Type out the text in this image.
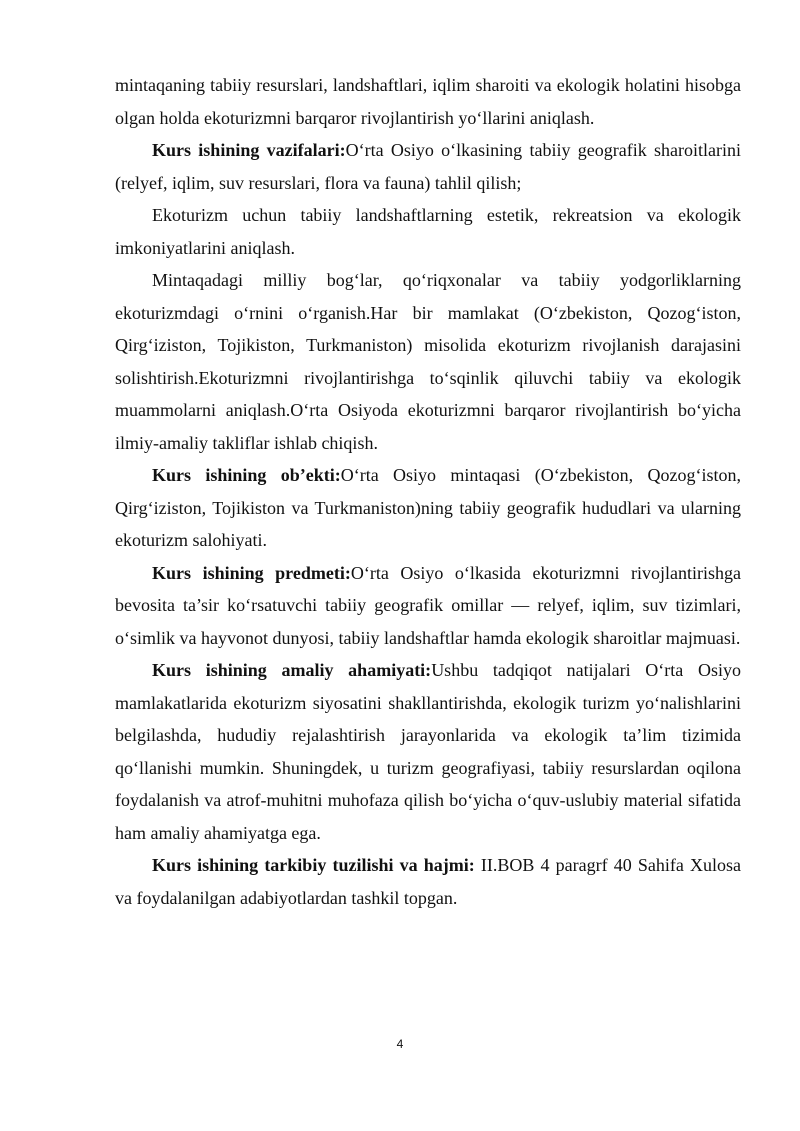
mintaqaning tabiiy resurslari, landshaftlari, iqlim sharoiti va ekologik holatini hisobga olgan holda ekoturizmni barqaror rivojlantirish yo‘llarini aniqlash.

Kurs ishining vazifalari:O‘rta Osiyo o‘lkasining tabiiy geografik sharoitlarini (relyef, iqlim, suv resurslari, flora va fauna) tahlil qilish;

Ekoturizm uchun tabiiy landshaftlarning estetik, rekreatsion va ekologik imkoniyatlarini aniqlash.

Mintaqadagi milliy bog‘lar, qo‘riqxonalar va tabiiy yodgorliklarning ekoturizmdagi o‘rnini o‘rganish.Har bir mamlakat (O‘zbekiston, Qozog‘iston, Qirg‘iziston, Tojikiston, Turkmaniston) misolida ekoturizm rivojlanish darajasini solishtirish.Ekoturizmni rivojlantirishga to‘sqinlik qiluvchi tabiiy va ekologik muammolarni aniqlash.O‘rta Osiyoda ekoturizmni barqaror rivojlantirish bo‘yicha ilmiy-amaliy takliflar ishlab chiqish.

Kurs ishining ob’ekti:O‘rta Osiyo mintaqasi (O‘zbekiston, Qozog‘iston, Qirg‘iziston, Tojikiston va Turkmaniston)ning tabiiy geografik hududlari va ularning ekoturizm salohiyati.

Kurs ishining predmeti:O‘rta Osiyo o‘lkasida ekoturizmni rivojlantirishga bevosita ta’sir ko‘rsatuvchi tabiiy geografik omillar — relyef, iqlim, suv tizimlari, o‘simlik va hayvonot dunyosi, tabiiy landshaftlar hamda ekologik sharoitlar majmuasi.

Kurs ishining amaliy ahamiyati:Ushbu tadqiqot natijalari O‘rta Osiyo mamlakatlarida ekoturizm siyosatini shakllantirishda, ekologik turizm yo‘nalishlarini belgilashda, hududiy rejalashtirish jarayonlarida va ekologik ta’lim tizimida qo‘llanishi mumkin. Shuningdek, u turizm geografiyasi, tabiiy resurslardan oqilona foydalanish va atrof-muhitni muhofaza qilish bo‘yicha o‘quv-uslubiy material sifatida ham amaliy ahamiyatga ega.

Kurs ishining tarkibiy tuzilishi va hajmi: II.BOB 4 paragrf 40 Sahifa Xulosa va foydalanilgan adabiyotlardan tashkil topgan.

4
